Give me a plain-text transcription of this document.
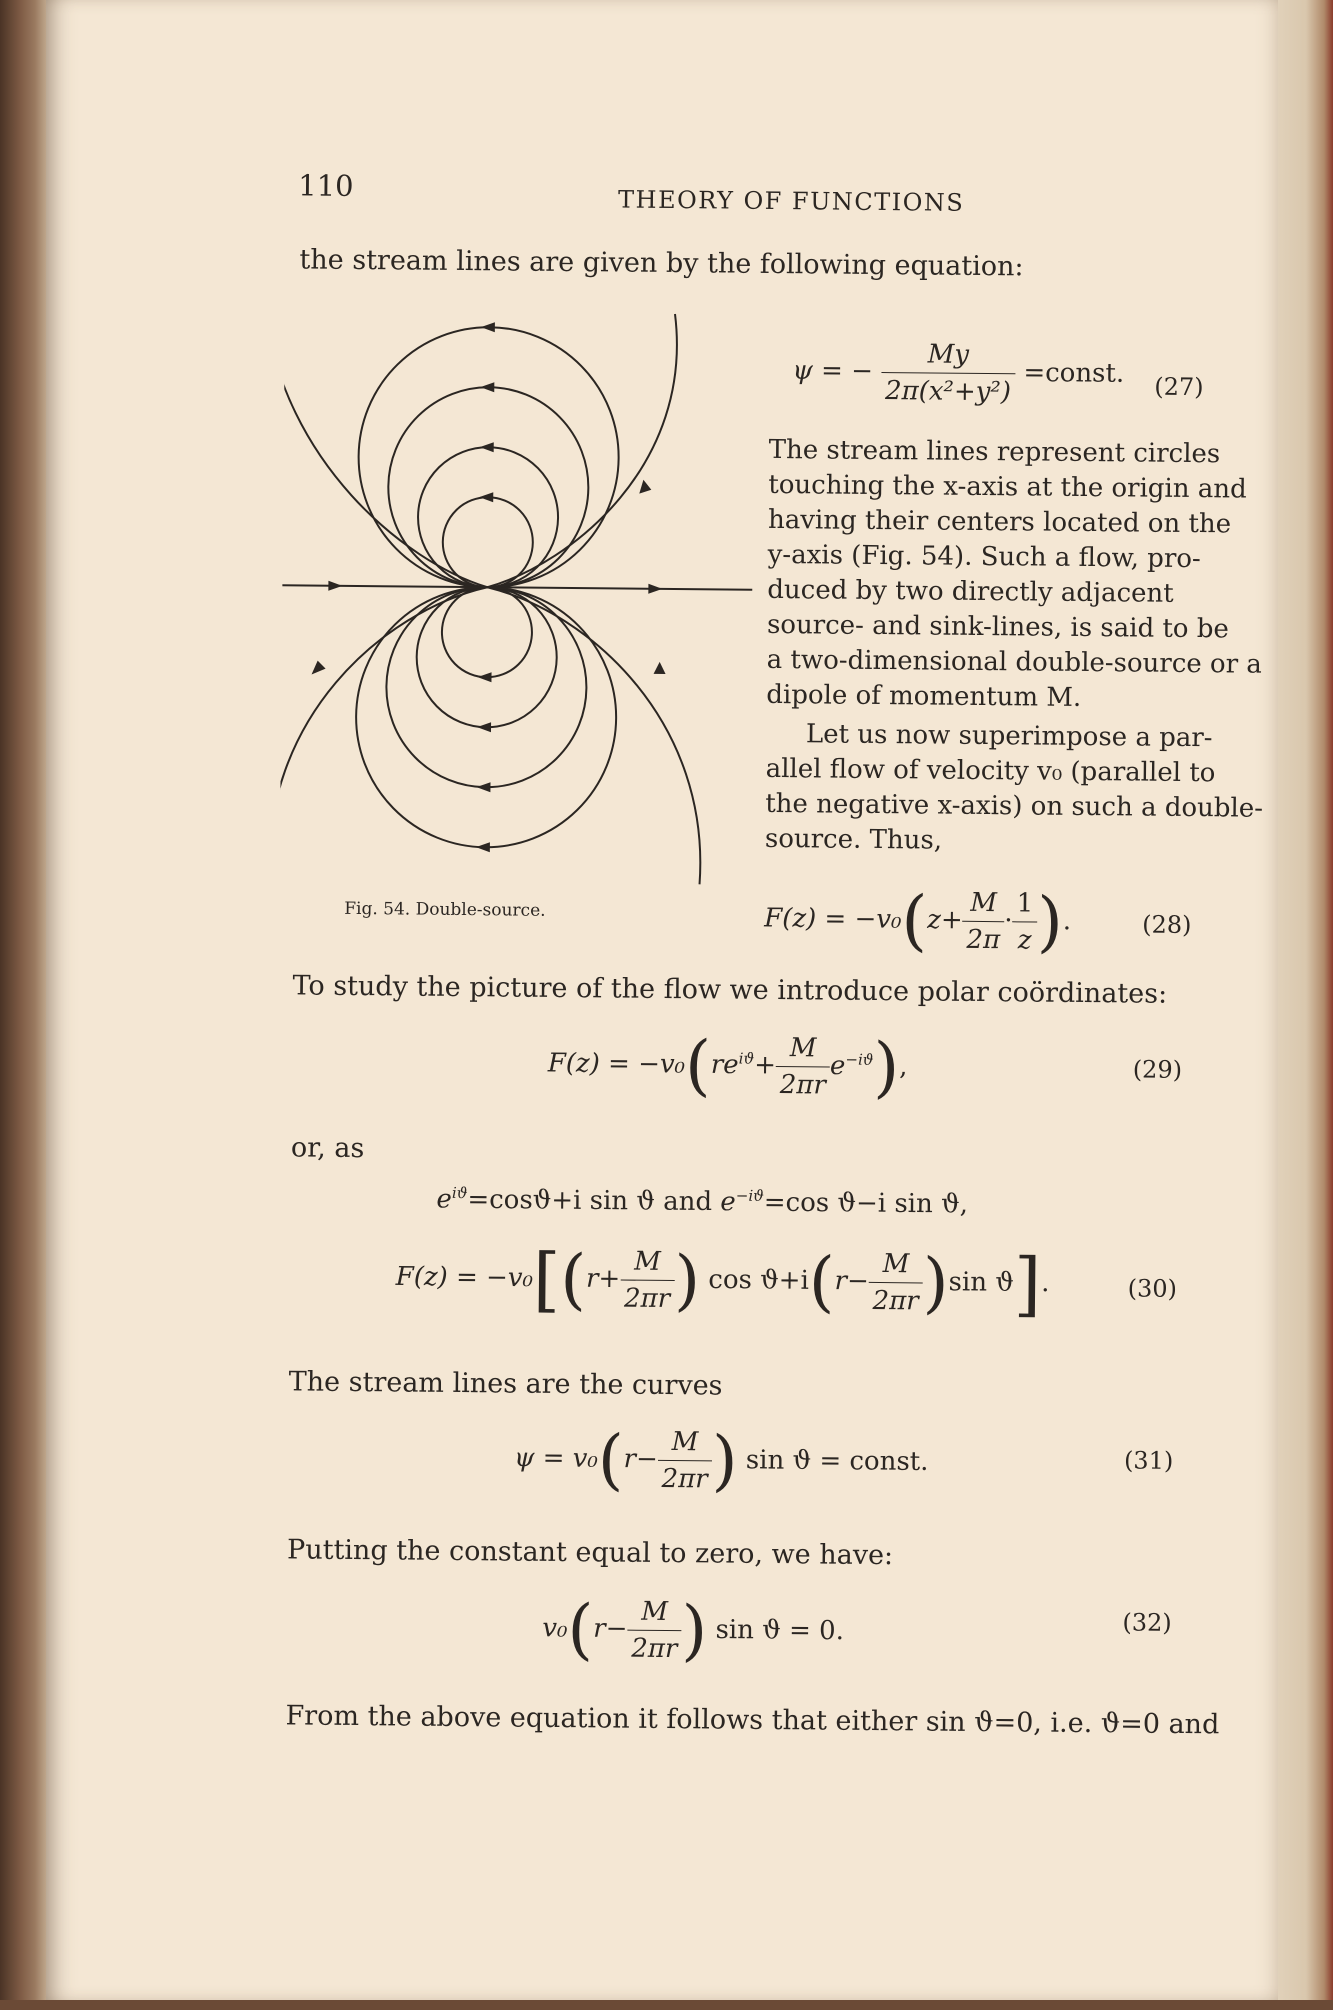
110	THEORY OF FUNCTIONS
the stream lines are given by the following equation:
Fig. 54. Double-source.
ψ = − $\frac{My}{\text{2π(x²+y²)}}$ =const. (27)
The stream lines represent circles
touching the x-axis at the origin and
having their centers located on the
y-axis (Fig. 54). Such a flow, pro-
duced by two directly adjacent
source- and sink-lines, is said to be
a two-dimensional double-source or a
dipole of momentum M.
Let us now superimpose a par-
allel flow of velocity v₀ (parallel to
the negative x-axis) on such a double-
source. Thus,
$F(z) = -v_0(z+ \frac{M}{2\pi} \cdot \frac{1}{z}$ ).	(28)
To study the picture of the flow we introduce polar coördinates:
$F(z) = -v_0(re^{iϑ}+ \frac{M}{2\pi r} e^{-iϑ})$,	(29)
or, as
$e^{iϑ}=\cos ϑ+i$ sin ϑ and $e^{-iϑ}=\cos$ ϑ−i sin ϑ,
$F(z) = -v_0[(r+ \frac{M}{2\pi r}$ ) $\cos ϑ+i(r- \frac{M}{2\pi r} )\sin$ ϑ].	(30)
The stream lines are the curves
$\psi = v_0(r- \frac{M}{2\pi r}$ ) sin ϑ = const.	(31)
Putting the constant equal to zero, we have:
$v_0(r- \frac{M}{2\pi r}$ ) sin ϑ = 0.	(32)
From the above equation it follows that either sin ϑ=0, i.e. ϑ=0 and
